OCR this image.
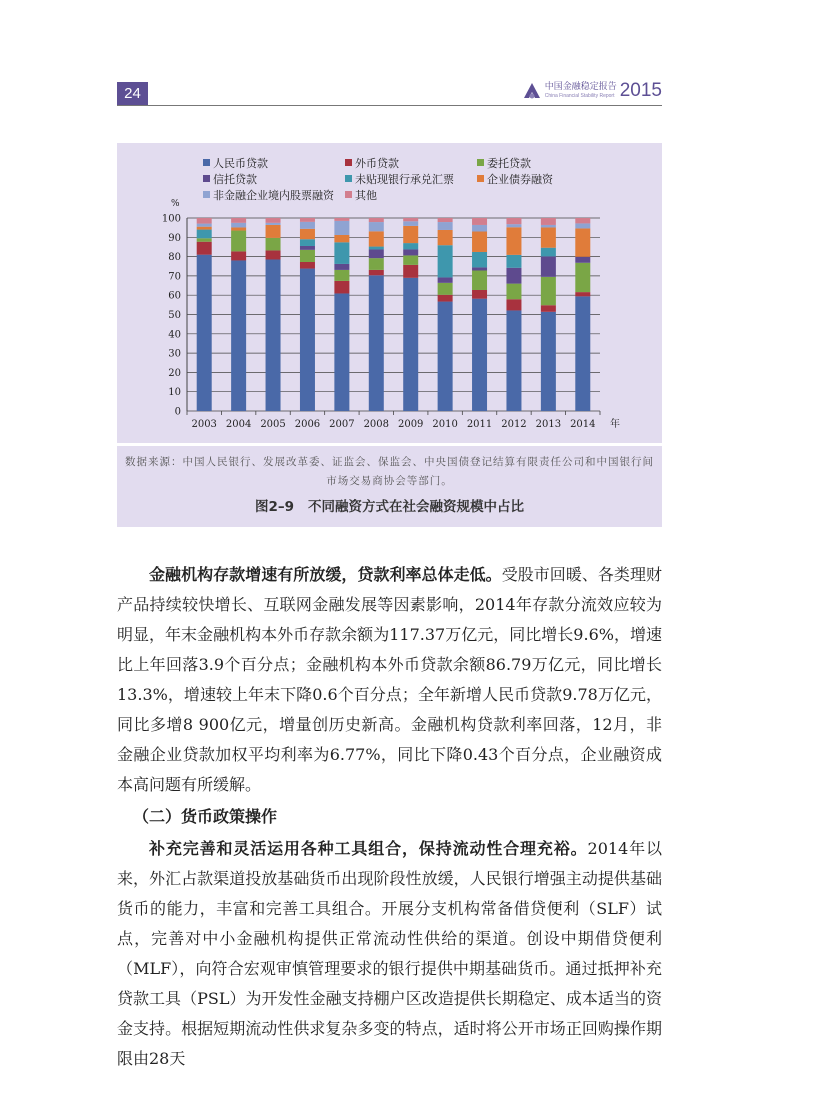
24	中国金融稳定报告
China Financial Stability Report 2015
人民币贷款	外币贷款	委托贷款
信托贷款	未贴现银行承兑汇票	企业债券融资
非金融企业境内股票融资 其他
0
10
20
30
40
50
60
70
80
90
100
%
2003 2004 2005 2006 2007 2008 2009 2010 2011 2012 2013 2014 年
数据来源：中国人民银行、发展改革委、证监会、保监会、中央国债登记结算有限责任公司和中国银行间市场交易商协会等部门。
图2–9 不同融资方式在社会融资规模中占比

金融机构存款增速有所放缓，贷款利率总体走低。受股市回暖、各类理财产品持续较快增长、互联网金融发展等因素影响，2014年存款分流效应较为明显，年末金融机构本外币存款余额为117.37万亿元，同比增长9.6%，增速比上年回落3.9个百分点；金融机构本外币贷款余额86.79万亿元，同比增长13.3%，增速较上年末下降0.6个百分点；全年新增人民币贷款9.78万亿元，同比多增8 900亿元，增量创历史新高。金融机构贷款利率回落，12月，非金融企业贷款加权平均利率为6.77%，同比下降0.43个百分点，企业融资成本高问题有所缓解。

（二）货币政策操作

补充完善和灵活运用各种工具组合，保持流动性合理充裕。2014年以来，外汇占款渠道投放基础货币出现阶段性放缓，人民银行增强主动提供基础货币的能力，丰富和完善工具组合。开展分支机构常备借贷便利（SLF）试点，完善对中小金融机构提供正常流动性供给的渠道。创设中期借贷便利（MLF），向符合宏观审慎管理要求的银行提供中期基础货币。通过抵押补充贷款工具（PSL）为开发性金融支持棚户区改造提供长期稳定、成本适当的资金支持。根据短期流动性供求复杂多变的特点，适时将公开市场正回购操作期限由28天
